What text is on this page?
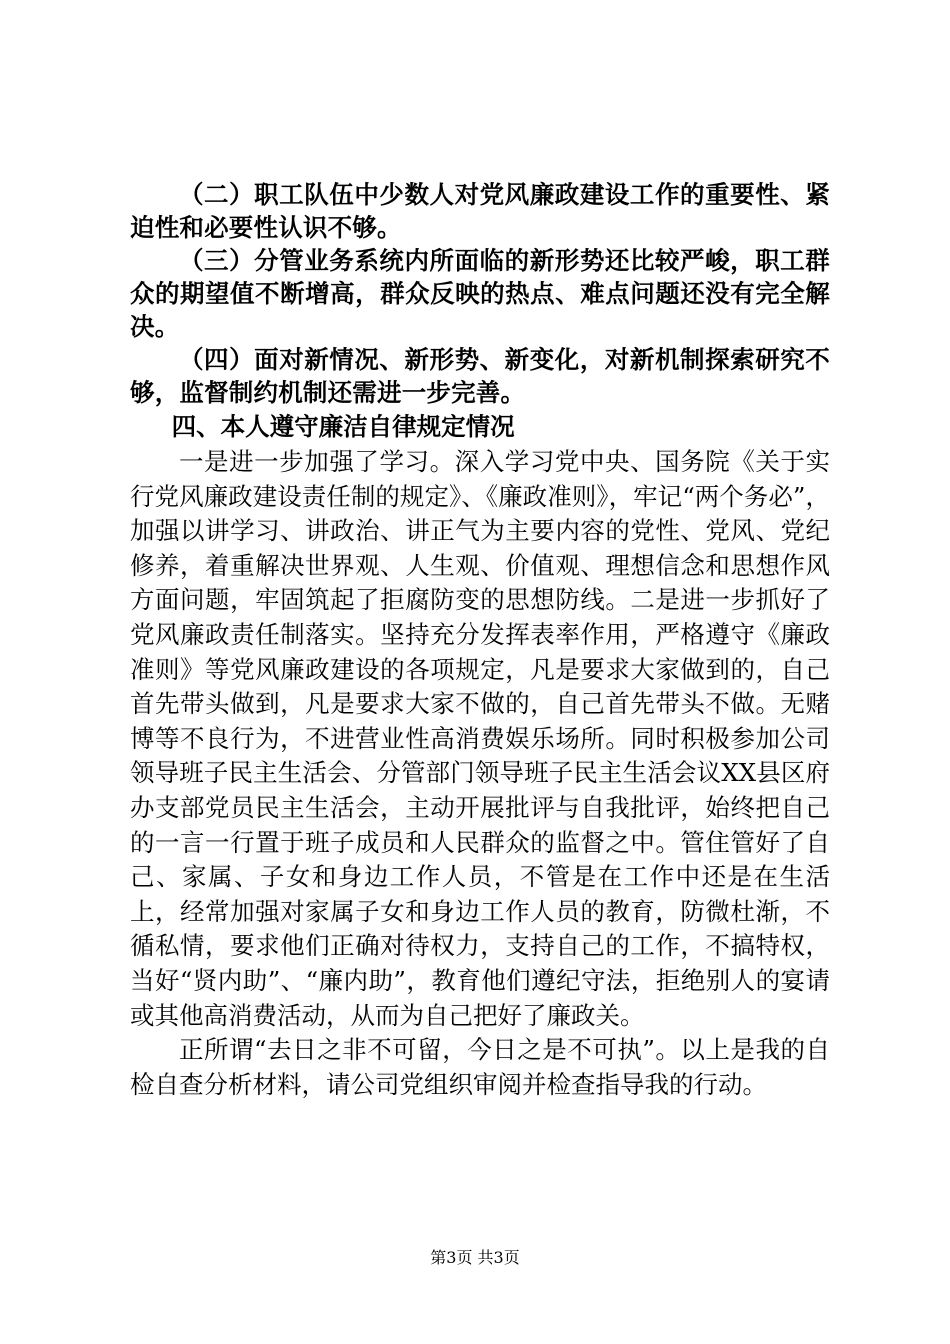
（二）职工队伍中少数人对党风廉政建设工作的重要性、紧迫性和必要性认识不够。

（三）分管业务系统内所面临的新形势还比较严峻，职工群众的期望值不断增高，群众反映的热点、难点问题还没有完全解决。

（四）面对新情况、新形势、新变化，对新机制探索研究不够，监督制约机制还需进一步完善。

四、本人遵守廉洁自律规定情况

一是进一步加强了学习。深入学习党中央、国务院《关于实行党风廉政建设责任制的规定》、《廉政准则》，牢记“两个务必”，加强以讲学习、讲政治、讲正气为主要内容的党性、党风、党纪修养，着重解决世界观、人生观、价值观、理想信念和思想作风方面问题，牢固筑起了拒腐防变的思想防线。二是进一步抓好了党风廉政责任制落实。坚持充分发挥表率作用，严格遵守《廉政准则》等党风廉政建设的各项规定，凡是要求大家做到的，自己首先带头做到，凡是要求大家不做的，自己首先带头不做。无赌博等不良行为，不进营业性高消费娱乐场所。同时积极参加公司领导班子民主生活会、分管部门领导班子民主生活会议XX县区府办支部党员民主生活会，主动开展批评与自我批评，始终把自己的一言一行置于班子成员和人民群众的监督之中。管住管好了自己、家属、子女和身边工作人员，不管是在工作中还是在生活上，经常加强对家属子女和身边工作人员的教育，防微杜渐，不循私情，要求他们正确对待权力，支持自己的工作，不搞特权，当好“贤内助”、“廉内助”，教育他们遵纪守法，拒绝别人的宴请或其他高消费活动，从而为自己把好了廉政关。

正所谓“去日之非不可留，今日之是不可执”。以上是我的自检自查分析材料，请公司党组织审阅并检查指导我的行动。

第3页 共3页
